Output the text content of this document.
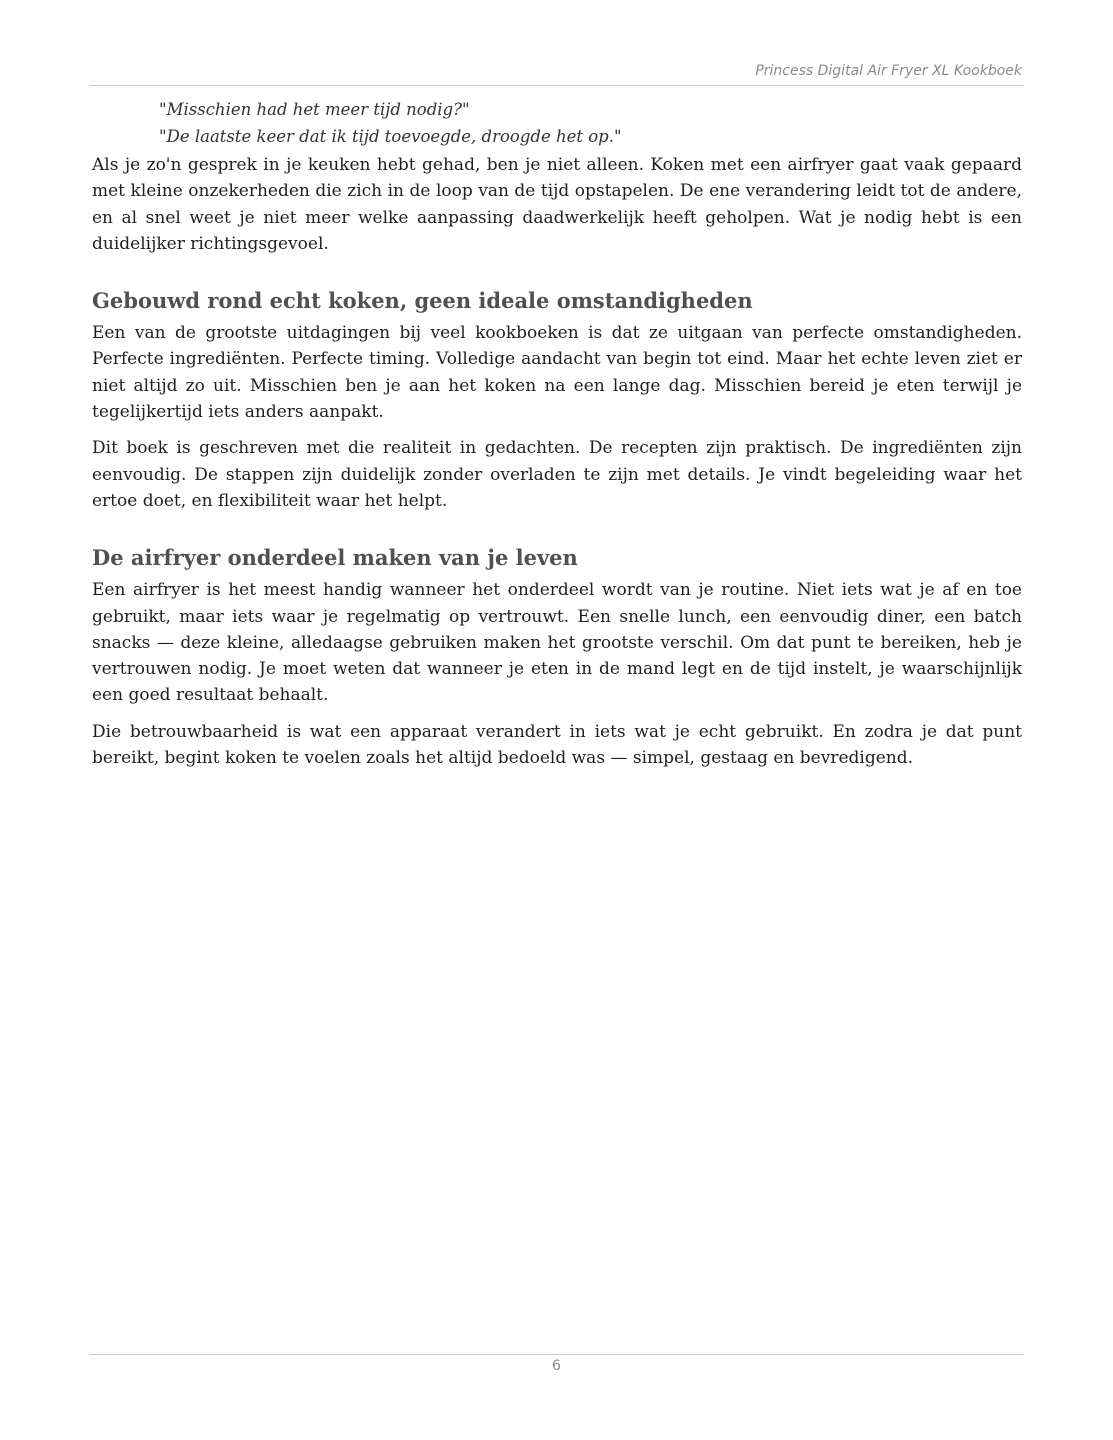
Princess Digital Air Fryer XL Kookboek
"Misschien had het meer tijd nodig?"
"De laatste keer dat ik tijd toevoegde, droogde het op."

Als je zo'n gesprek in je keuken hebt gehad, ben je niet alleen. Koken met een airfryer gaat vaak gepaard met kleine onzekerheden die zich in de loop van de tijd opstapelen. De ene verandering leidt tot de andere, en al snel weet je niet meer welke aanpassing daadwerkelijk heeft geholpen. Wat je nodig hebt is een duidelijker richtingsgevoel.

Gebouwd rond echt koken, geen ideale omstandigheden

Een van de grootste uitdagingen bij veel kookboeken is dat ze uitgaan van perfecte omstandigheden. Perfecte ingrediënten. Perfecte timing. Volledige aandacht van begin tot eind. Maar het echte leven ziet er niet altijd zo uit. Misschien ben je aan het koken na een lange dag. Misschien bereid je eten terwijl je tegelijkertijd iets anders aanpakt.

Dit boek is geschreven met die realiteit in gedachten. De recepten zijn praktisch. De ingrediënten zijn eenvoudig. De stappen zijn duidelijk zonder overladen te zijn met details. Je vindt begeleiding waar het ertoe doet, en flexibiliteit waar het helpt.

De airfryer onderdeel maken van je leven

Een airfryer is het meest handig wanneer het onderdeel wordt van je routine. Niet iets wat je af en toe gebruikt, maar iets waar je regelmatig op vertrouwt. Een snelle lunch, een eenvoudig diner, een batch snacks — deze kleine, alledaagse gebruiken maken het grootste verschil. Om dat punt te bereiken, heb je vertrouwen nodig. Je moet weten dat wanneer je eten in de mand legt en de tijd instelt, je waarschijnlijk een goed resultaat behaalt.

Die betrouwbaarheid is wat een apparaat verandert in iets wat je echt gebruikt. En zodra je dat punt bereikt, begint koken te voelen zoals het altijd bedoeld was — simpel, gestaag en bevredigend.

6
